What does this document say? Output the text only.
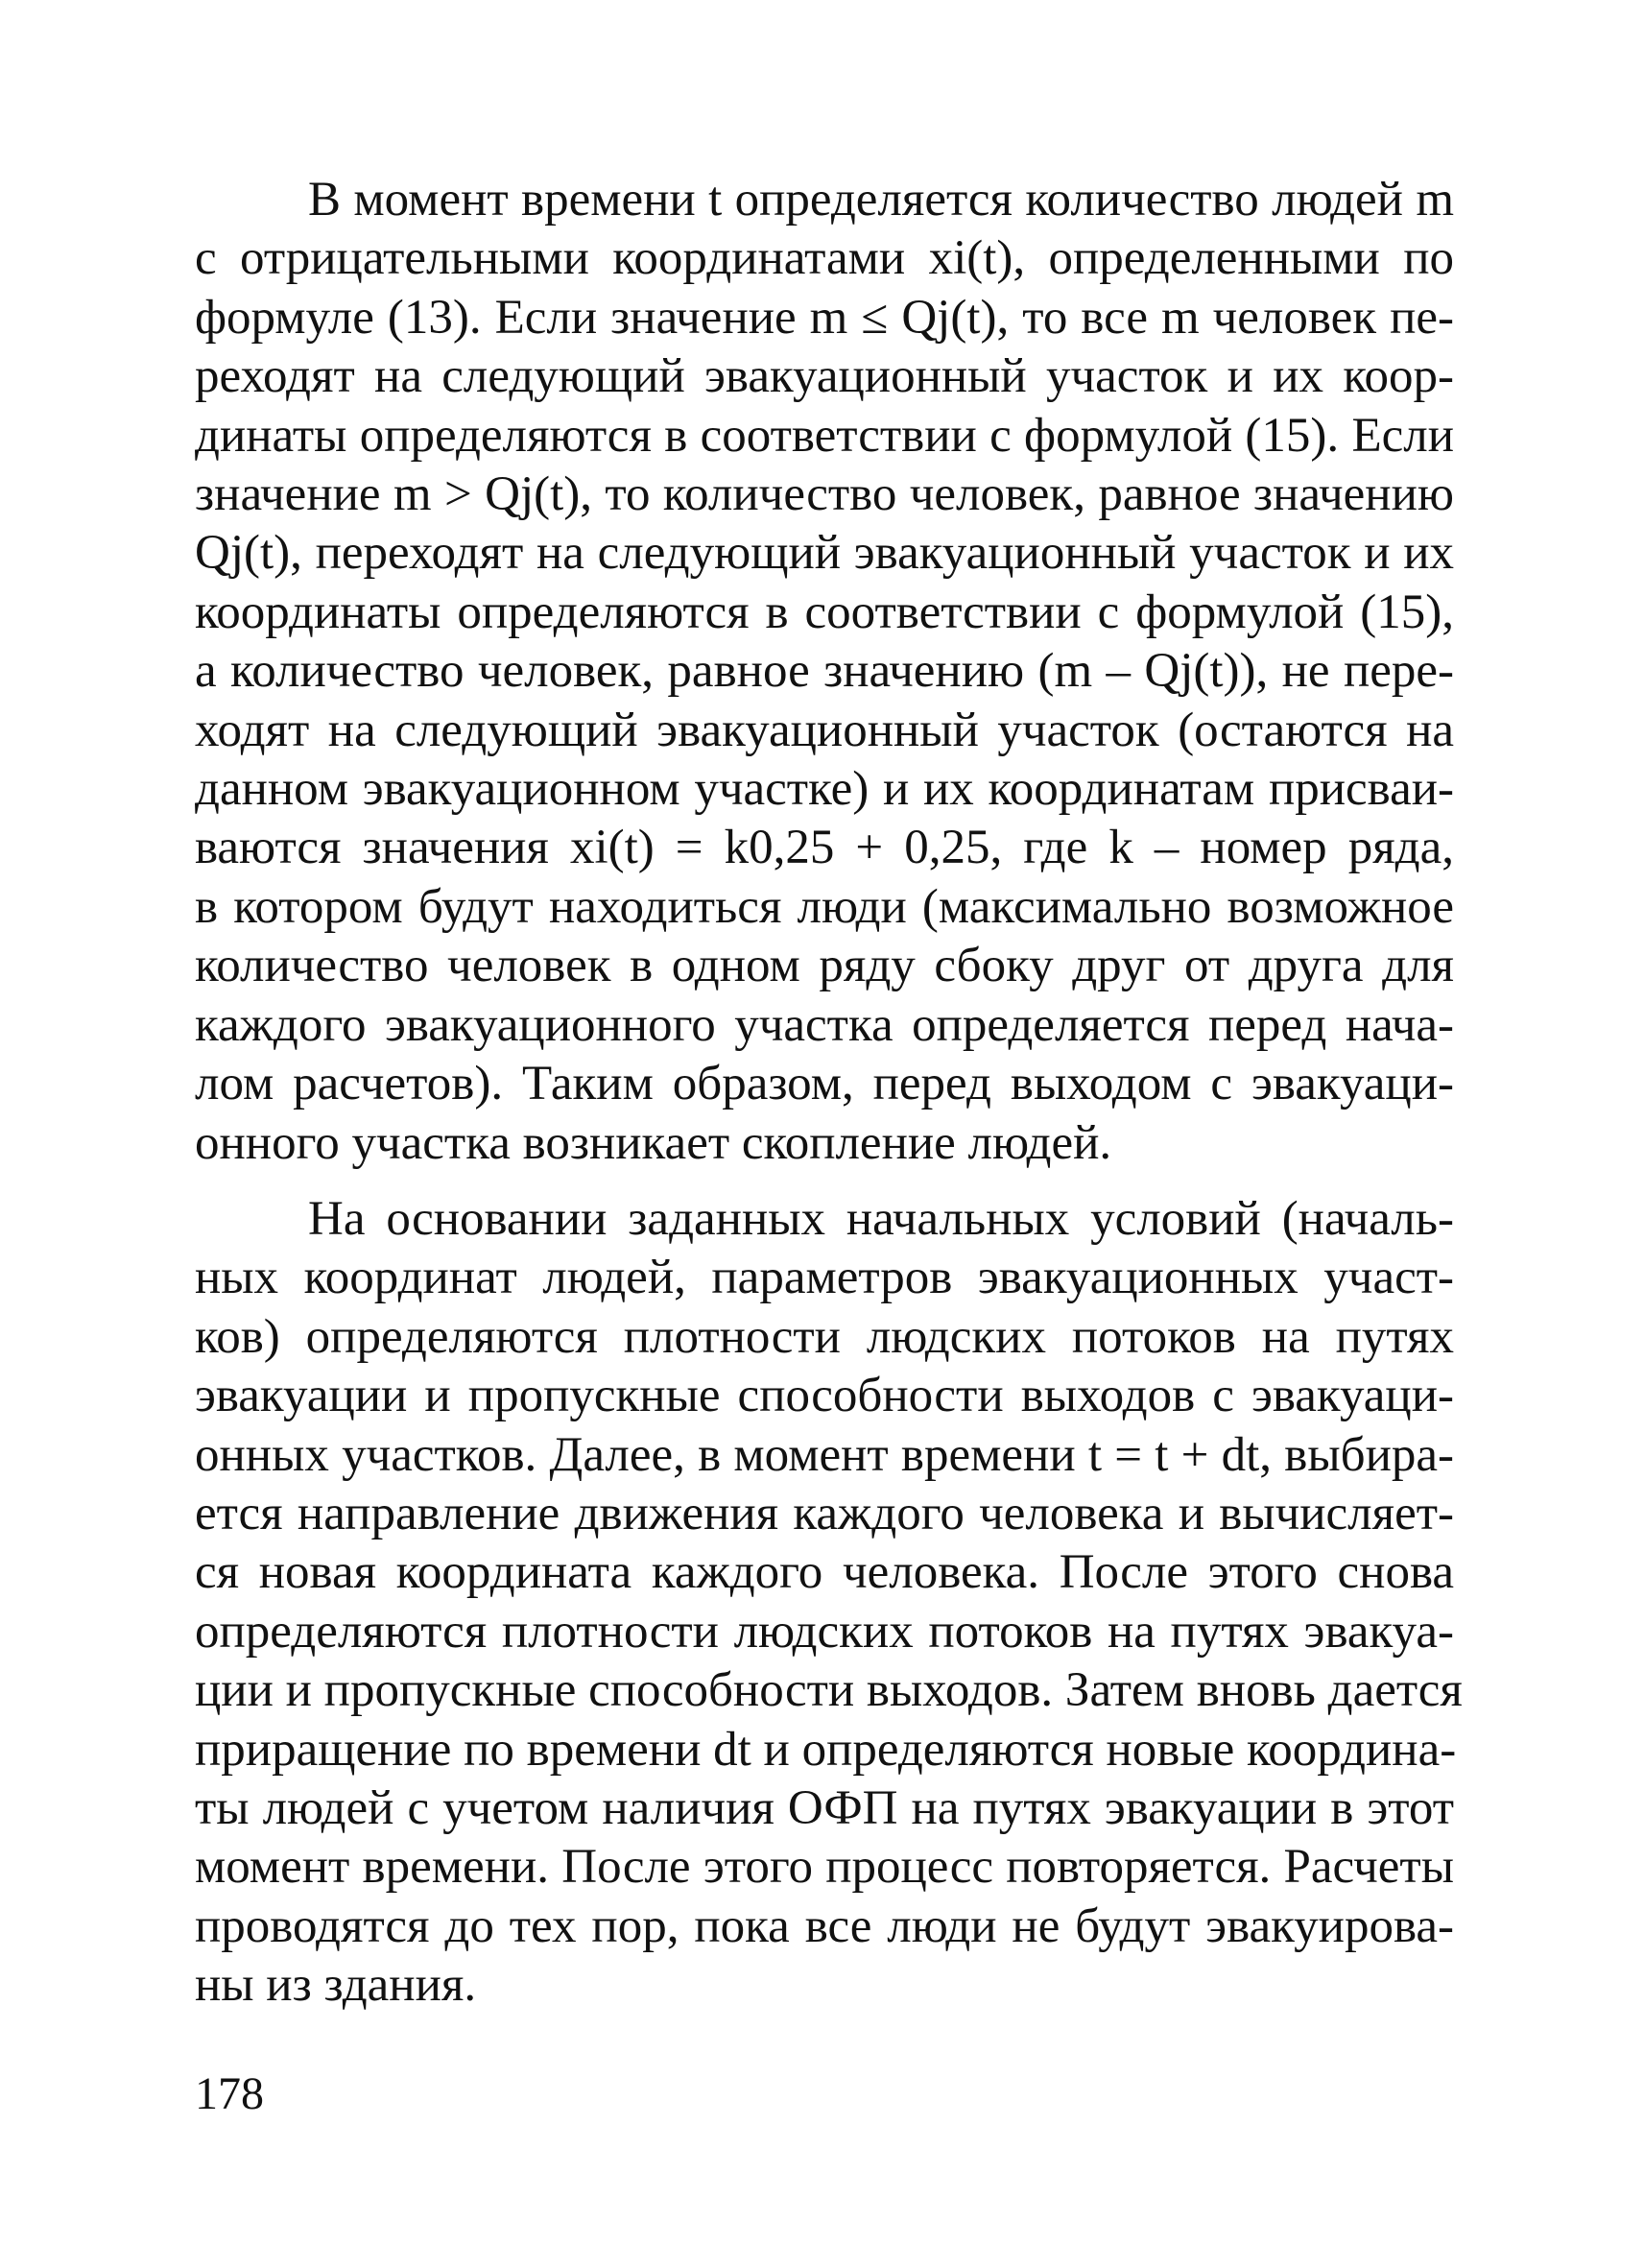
В момент времени t определяется количество людей m
с отрицательными координатами xi(t), определенными по
формуле (13). Если значение m ≤ Qj(t), то все m человек пе-
реходят на следующий эвакуационный участок и их коор-
динаты определяются в соответствии с формулой (15). Если
значение m > Qj(t), то количество человек, равное значению
Qj(t), переходят на следующий эвакуационный участок и их
координаты определяются в соответствии с формулой (15),
а количество человек, равное значению (m – Qj(t)), не пере-
ходят на следующий эвакуационный участок (остаются на
данном эвакуационном участке) и их координатам присваи-
ваются значения xi(t) = k0,25 + 0,25, где k – номер ряда,
в котором будут находиться люди (максимально возможное
количество человек в одном ряду сбоку друг от друга для
каждого эвакуационного участка определяется перед нача-
лом расчетов). Таким образом, перед выходом с эвакуаци-
онного участка возникает скопление людей.

На основании заданных начальных условий (началь-
ных координат людей, параметров эвакуационных участ-
ков) определяются плотности людских потоков на путях
эвакуации и пропускные способности выходов с эвакуаци-
онных участков. Далее, в момент времени t = t + dt, выбира-
ется направление движения каждого человека и вычисляет-
ся новая координата каждого человека. После этого снова
определяются плотности людских потоков на путях эвакуа-
ции и пропускные способности выходов. Затем вновь дается
приращение по времени dt и определяются новые координа-
ты людей с учетом наличия ОФП на путях эвакуации в этот
момент времени. После этого процесс повторяется. Расчеты
проводятся до тех пор, пока все люди не будут эвакуирова-
ны из здания.

178
